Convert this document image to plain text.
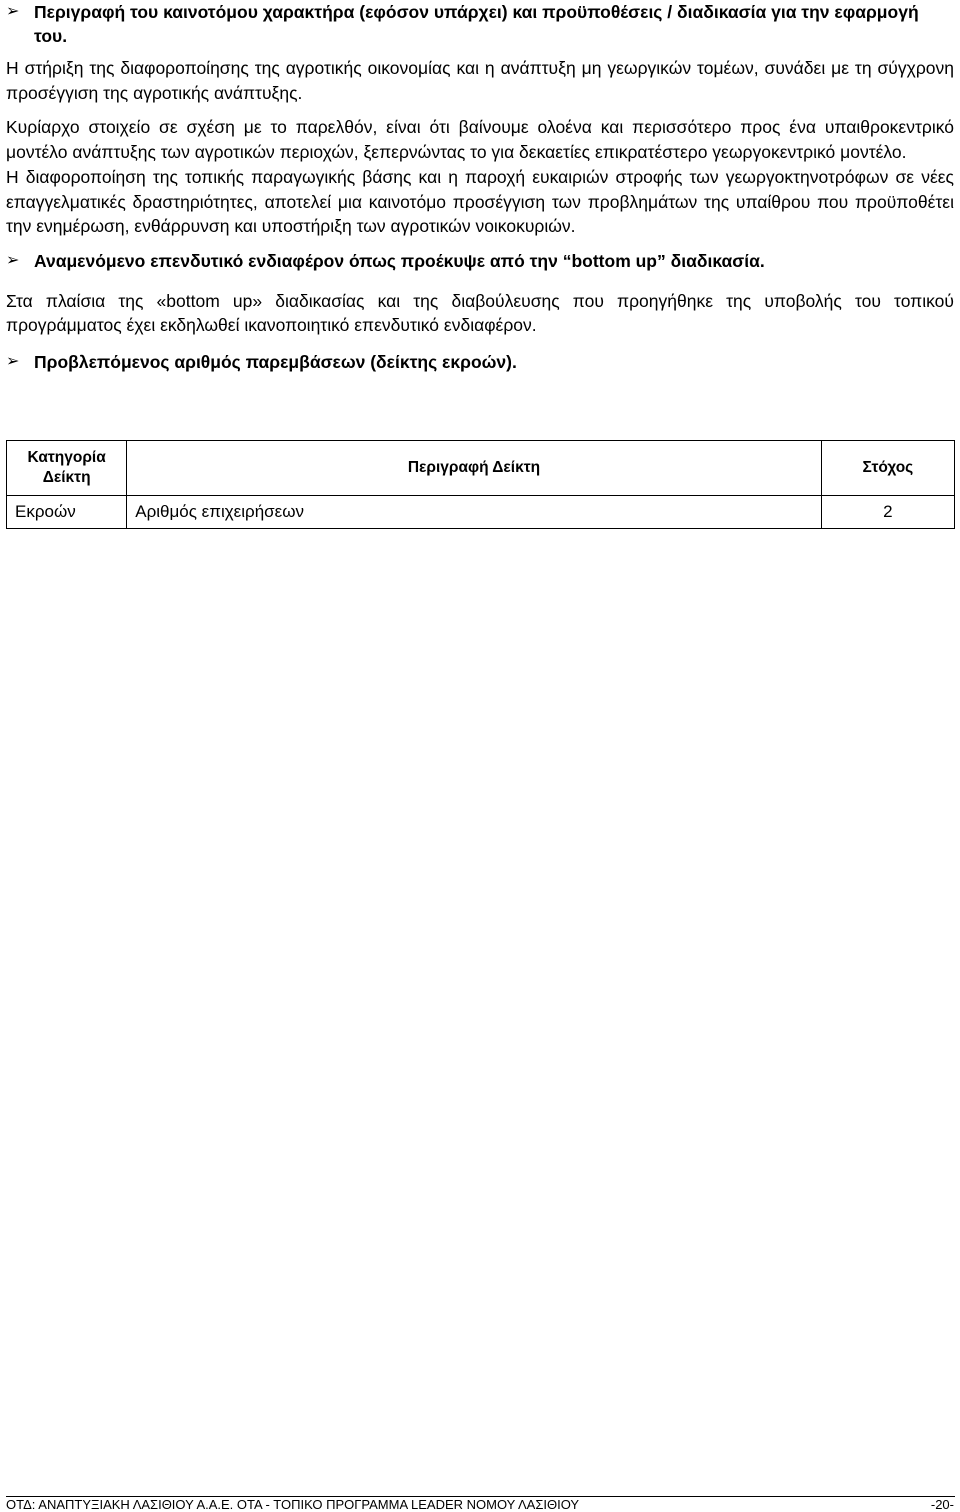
➢ Περιγραφή του καινοτόμου χαρακτήρα (εφόσον υπάρχει) και προϋποθέσεις / διαδικασία για την εφαρμογή του.

Η στήριξη της διαφοροποίησης της αγροτικής οικονομίας και η ανάπτυξη μη γεωργικών τομέων, συνάδει με τη σύγχρονη προσέγγιση της αγροτικής ανάπτυξης.

Κυρίαρχο στοιχείο σε σχέση με το παρελθόν, είναι ότι βαίνουμε ολοένα και περισσότερο προς ένα υπαιθροκεντρικό μοντέλο ανάπτυξης των αγροτικών περιοχών, ξεπερνώντας το για δεκαετίες επικρατέστερο γεωργοκεντρικό μοντέλο.

Η διαφοροποίηση της τοπικής παραγωγικής βάσης και η παροχή ευκαιριών στροφής των γεωργοκτηνοτρόφων σε νέες επαγγελματικές δραστηριότητες, αποτελεί μια καινοτόμο προσέγγιση των προβλημάτων της υπαίθρου που προϋποθέτει την ενημέρωση, ενθάρρυνση και υποστήριξη των αγροτικών νοικοκυριών.

➢ Αναμενόμενο επενδυτικό ενδιαφέρον όπως προέκυψε από την “bottom up” διαδικασία.

Στα πλαίσια της «bottom up» διαδικασίας και της διαβούλευσης που προηγήθηκε της υποβολής του τοπικού προγράμματος έχει εκδηλωθεί ικανοποιητικό επενδυτικό ενδιαφέρον.

➢ Προβλεπόμενος αριθμός παρεμβάσεων (δείκτης εκροών).
Κατηγορία Δείκτη	Περιγραφή Δείκτη	Στόχος
Εκροών	Αριθμός επιχειρήσεων	2
ΟΤΔ: ΑΝΑΠΤΥΞΙΑΚΗ ΛΑΣΙΘΙΟΥ Α.Α.Ε. ΟΤΑ - ΤΟΠΙΚΟ ΠΡΟΓΡΑΜΜΑ LEADER ΝΟΜΟΥ ΛΑΣΙΘΙΟΥ	-20-
